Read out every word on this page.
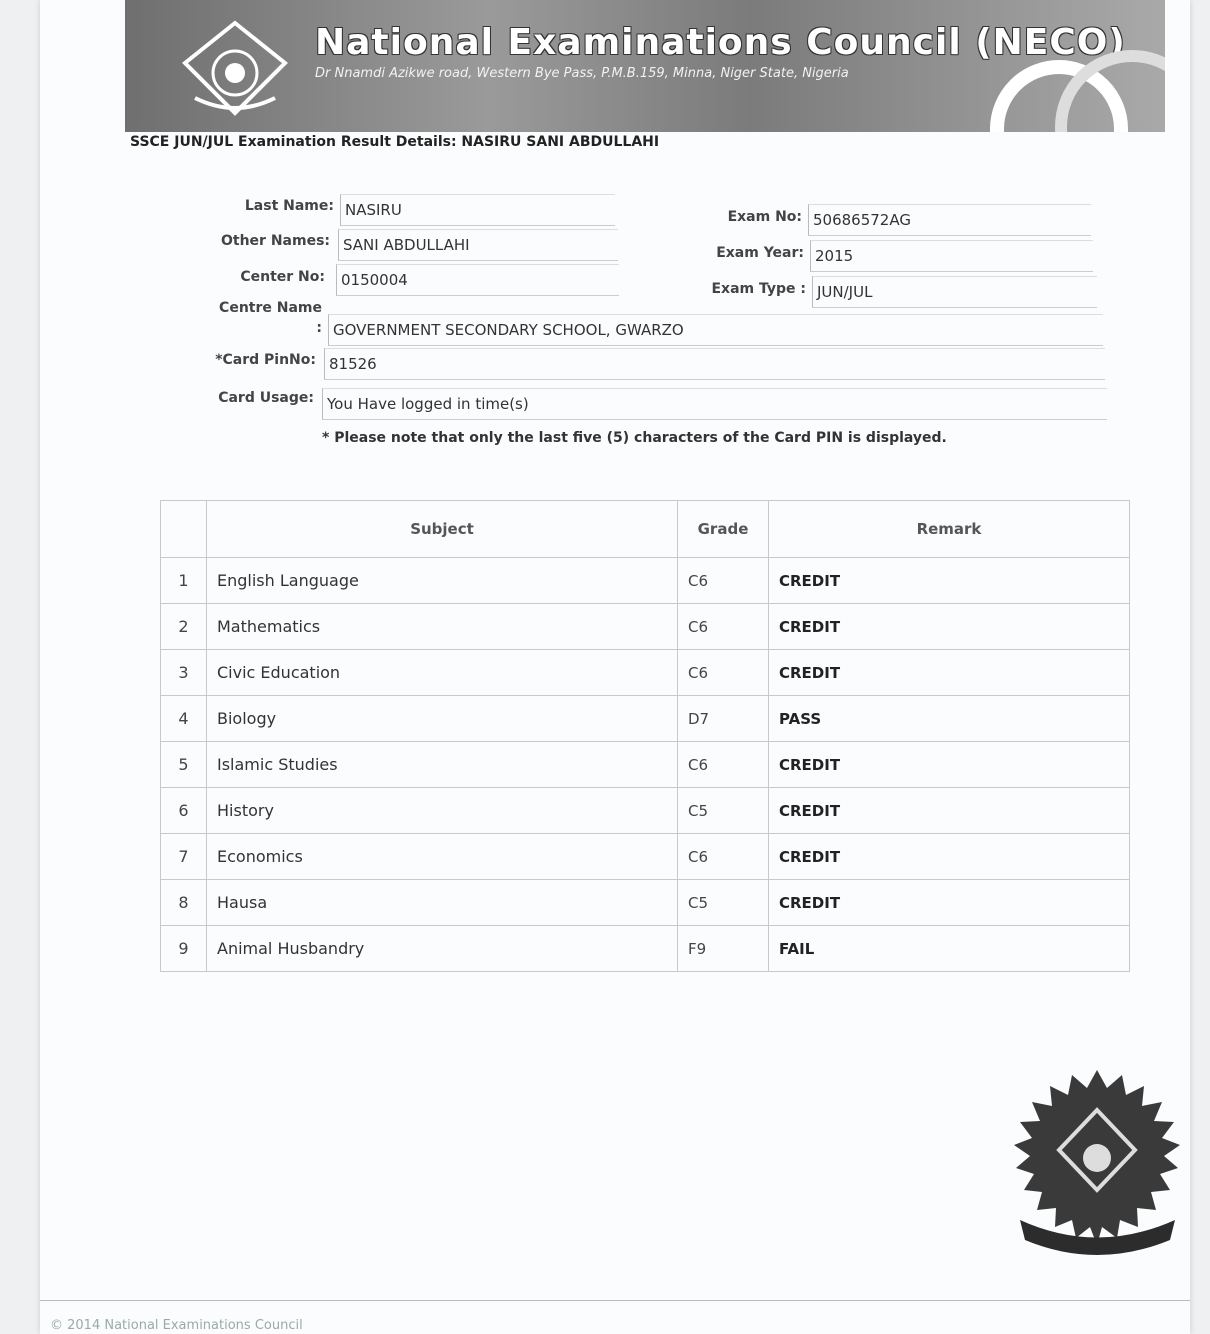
National Examinations Council (NECO)
Dr Nnamdi Azikwe road, Western Bye Pass, P.M.B.159, Minna, Niger State, Nigeria
SSCE JUN/JUL Examination Result Details: NASIRU SANI ABDULLAHI
Last Name: NASIRU
Other Names: SANI ABDULLAHI
Center No:	0150004
Exam No: 50686572AG
Exam Year: 2015
Exam Type : JUN/JUL
Centre Name
: GOVERNMENT SECONDARY SCHOOL, GWARZO
*Card PinNo: 81526
Card Usage: You Have logged in time(s)
* Please note that only the last five (5) characters of the Card PIN is displayed.
	Subject	Grade	Remark
1	English Language	C6	CREDIT
2	Mathematics	C6	CREDIT
3	Civic Education	C6	CREDIT
4	Biology	D7	PASS
5	Islamic Studies	C6	CREDIT
6	History	C5	CREDIT
7	Economics	C6	CREDIT
8	Hausa	C5	CREDIT
9	Animal Husbandry	F9	FAIL
© 2014 National Examinations Council
